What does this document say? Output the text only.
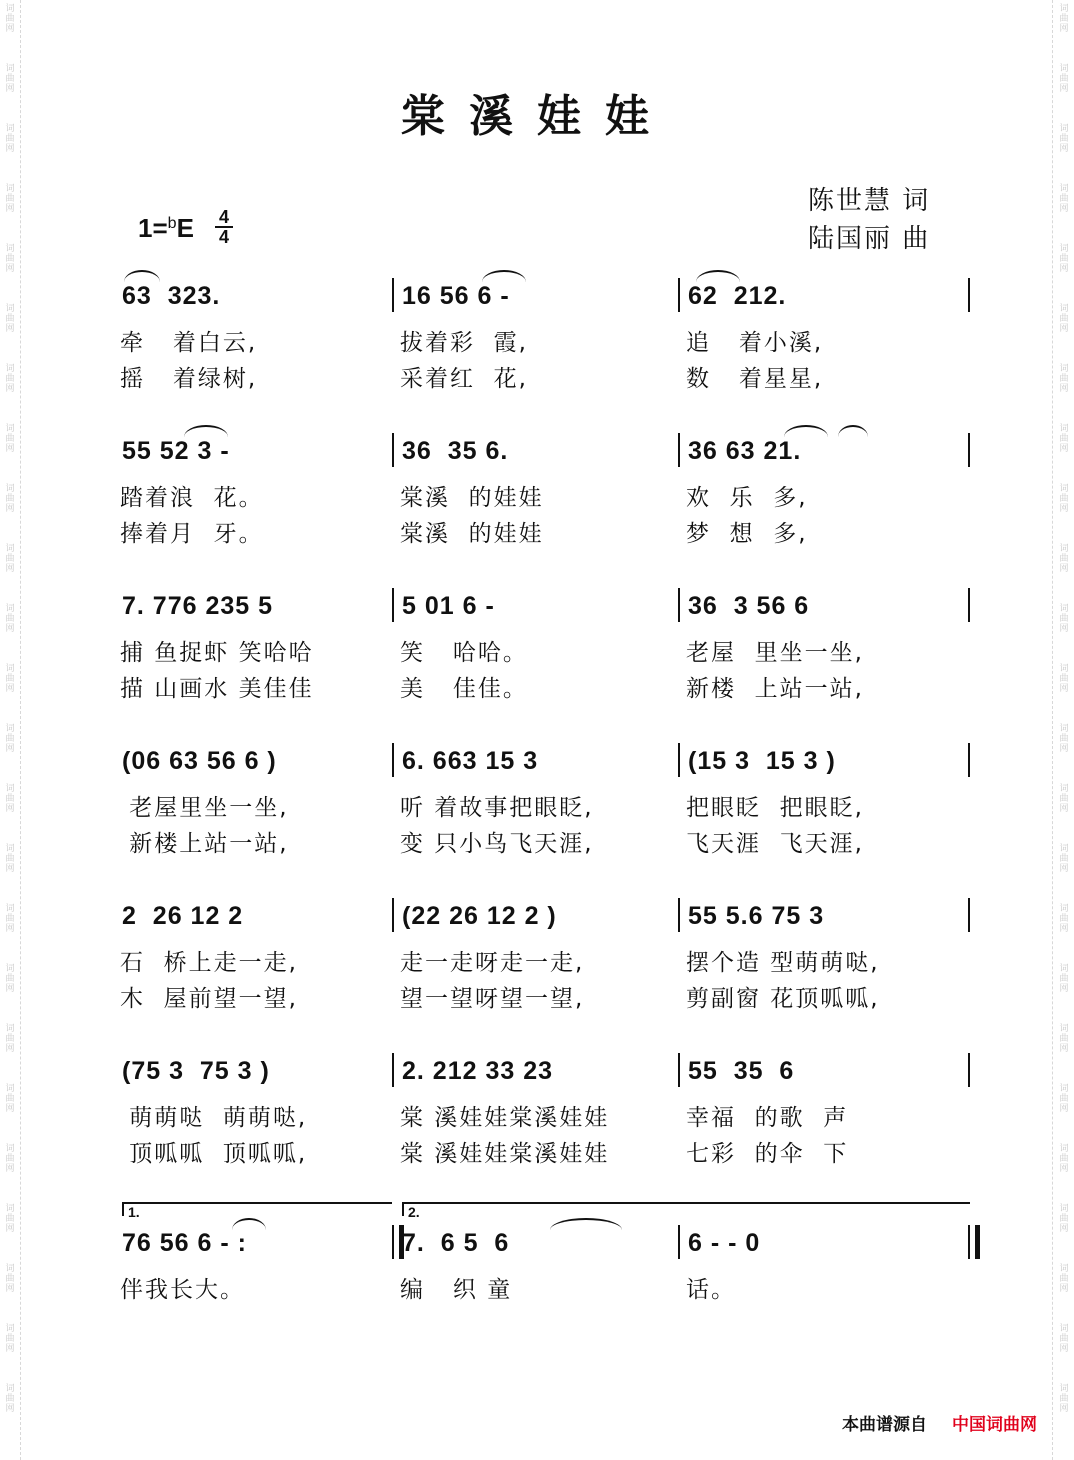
词
曲
网
词
曲
网
词
曲
网
词
曲
网
词
曲
网
词
曲
网
词
曲
网
词
曲
网
词
曲
网
词
曲
网
词
曲
网
词
曲
网
词
曲
网
词
曲
网
词
曲
网
词
曲
网
词
曲
网
词
曲
网
词
曲
网
词
曲
网
词
曲
网
词
曲
网
词
曲
网
词
曲
网
词
曲
网
词
曲
网
词
曲
网
词
曲
网
词
曲
网
词
曲
网
词
曲
网
词
曲
网
词
曲
网
词
曲
网
词
曲
网
词
曲
网
词
曲
网
词
曲
网
词
曲
网
词
曲
网
词
曲
网
词
曲
网
词
曲
网
词
曲
网
词
曲
网
词
曲
网
词
曲
网
词
曲
网
棠溪娃娃
陈世慧 词
陆国丽 曲
1=$^b$E 4
4
63  323.	16 56 6 -	62  212.
牵   着白云,	拔着彩  霞,	追   着小溪,
摇   着绿树,	采着红  花,	数   着星星,
55 52 3 -	36  35 6.	36 63 21.
踏着浪  花。	棠溪  的娃娃	欢  乐  多,
捧着月  牙。	棠溪  的娃娃	梦  想  多,
7. 776 235 5	5 01 6 -	36  3 56 6
捕 鱼捉虾 笑哈哈	笑   哈哈。	老屋  里坐一坐,
描 山画水 美佳佳	美   佳佳。	新楼  上站一站,
(06 63 56 6 )	6. 663 15 3	(15 3  15 3 )
老屋里坐一坐,	听 着故事把眼眨,	把眼眨  把眼眨,
新楼上站一站,	变 只小鸟飞天涯,	飞天涯  飞天涯,
2  26 12 2	(22 26 12 2 )	55 5.6 75 3
石  桥上走一走,	走一走呀走一走,	摆个造 型萌萌哒,
木  屋前望一望,	望一望呀望一望,	剪副窗 花顶呱呱,
(75 3  75 3 )	2. 212 33 23	55  35  6
萌萌哒  萌萌哒,	棠 溪娃娃棠溪娃娃	幸福  的歌  声
顶呱呱  顶呱呱,	棠 溪娃娃棠溪娃娃	七彩  的伞  下
76 56 6 - :	7.  6 5  6	6 - - 0
伴我长大。	编   织 童	话。
1.	2.
本曲谱源自 中国词曲网
